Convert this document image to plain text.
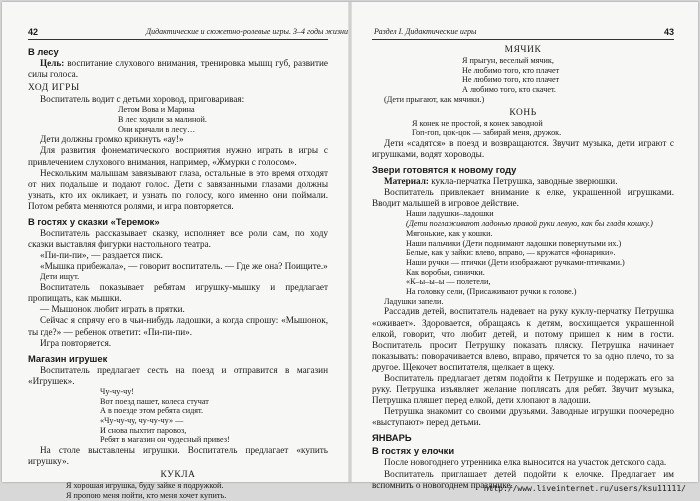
42	Дидактические и сюжетно-ролевые игры. 3–4 годы жизни
В лесу
Цель: воспитание слухового внимания, тренировка мышц губ, развитие силы голоса.
ХОД ИГРЫ
Воспитатель водит с детьми хоровод, приговаривая:
Летом Вова и Марина
В лес ходили за малиной.
Они кричали в лесу…
Дети должны громко крикнуть «ау!»
Для развития фонематического восприятия нужно играть в игры с привлечением слухового внимания, например, «Жмурки с голосом».
Нескольким малышам завязывают глаза, остальные в это время отходят от них подальше и подают голос. Дети с завязанными глазами должны узнать, кто их окликает, и узнать по голосу, кого именно они поймали. Потом ребята меняются ролями, и игра повторяется.
В гостях у сказки «Теремок»
Воспитатель рассказывает сказку, исполняет все роли сам, по ходу сказки выставляя фигурки настольного театра.
«Пи-пи-пи», — раздается писк.
«Мышка прибежала», — говорит воспитатель. — Где же она? Поищите.»
Дети ищут.
Воспитатель показывает ребятам игрушку-мышку и предлагает пропищать, как мышки.
— Мышонок любит играть в прятки.
Сейчас я спрячу его в чьи-нибудь ладошки, а когда спрошу: «Мышонок, ты где?» — ребенок ответит: «Пи-пи-пи».
Игра повторяется.
Магазин игрушек
Воспитатель предлагает сесть на поезд и отправится в магазин «Игрушек».
Чу-чу-чу!
Вот поезд пашет, колеса стучат
А в поезде этом ребята сидят.
«Чу-чу-чу, чу-чу-чу» —
И снова пыхтит паровоз,
Ребят в магазин он чудесный привез!
На столе выставлены игрушки. Воспитатель предлагает «купить игрушку».
КУКЛА
Я хорошая игрушка, буду зайке я подружкой.
Я пропою меня пойти, кто меня хочет купить.
Раздел I. Дидактические игры	43
МЯЧИК
Я прыгун, веселый мячик,
Не любимо того, кто плачет
Не любимо того, кто плачет
А любимо того, кто скачет.
(Дети прыгают, как мячики.)
КОНЬ
Я конек не простой, я конек заводной
Гоп-гоп, цок-цок — забирай меня, дружок.
Дети «садятся» в поезд и возвращаются. Звучит музыка, дети играют с игрушками, водят хороводы.
Звери готовятся к новому году
Материал: кукла-перчатка Петрушка, заводные зверюшки.
Воспитатель привлекает внимание к елке, украшенной игрушками. Вводит малышей в игровое действие.
Наши ладушки–ладошки
(Дети поглаживают ладонью правой руки левую, как бы гладя кошку.)
Мягонькие, как у кошки.
Наши пальчики (Дети поднимают ладошки повернутыми их.)
Белые, как у зайки: влево, вправо, — кружатся «фонарики».
Наши ручки — птички (Дети изображают ручками-птичками.)
Как воробьи, синички.
«К–ы–ы–ы — полетели,
На головку сели, (Присаживают ручки к голове.)
Ладушки запели.
Рассадив детей, воспитатель надевает на руку куклу-перчатку Петрушка «оживает». Здоровается, обращаясь к детям, восхищается украшенной елкой, говорит, что любит детей, и потому пришел к ним в гости. Воспитатель просит Петрушку показать пляску. Петрушка начинает показывать: поворачивается влево, вправо, прячется то за одно плечо, то за другое. Щекочет воспитателя, щелкает в щеку.
Воспитатель предлагает детям подойти к Петрушке и подержать его за руку. Петрушка изъявляет желание поплясать для ребят. Звучит музыка, Петрушка пляшет перед елкой, дети хлопают в ладоши.
Петрушка знакомит со своими друзьями. Заводные игрушки поочередно «выступают» перед детьми.
ЯНВАРЬ
В гостях у елочки
После новогоднего утренника елка выносится на участок детского сада.
Воспитатель приглашает детей подойти к елочке. Предлагает им вспомнить о новогоднем празднике.
http://www.liveinternet.ru/users/ksu11111/
